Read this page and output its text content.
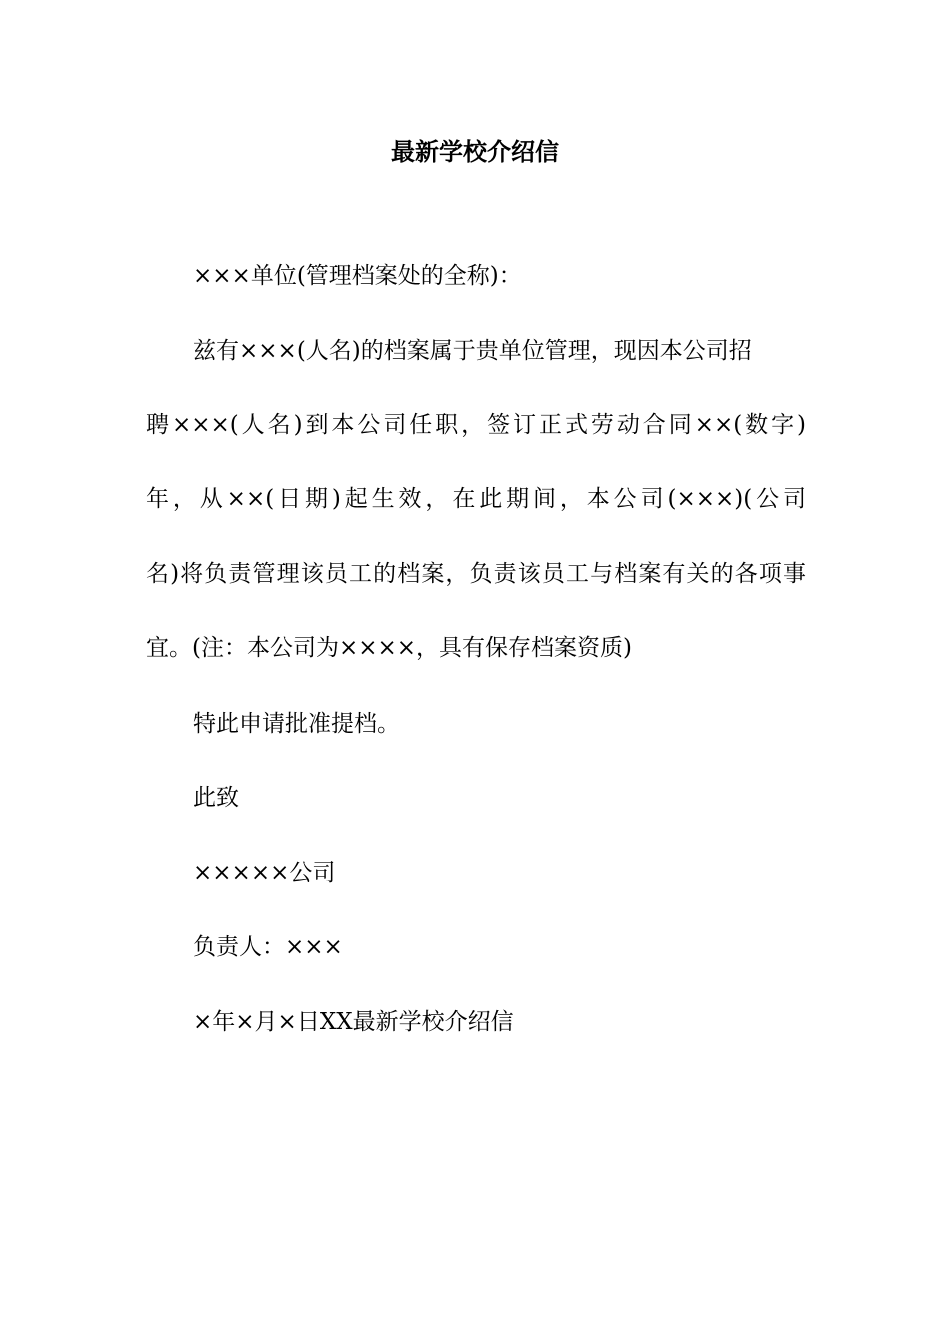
最新学校介绍信
×××单位(管理档案处的全称)：
兹有×××(人名)的档案属于贵单位管理，现因本公司招
聘×××(人名)到本公司任职，签订正式劳动合同××(数字)
年，从××(日期)起生效，在此期间，本公司(×××)(公司
名)将负责管理该员工的档案，负责该员工与档案有关的各项事
宜。(注：本公司为××××，具有保存档案资质)
特此申请批准提档。
此致
×××××公司
负责人：×××
×年×月×日XX最新学校介绍信
